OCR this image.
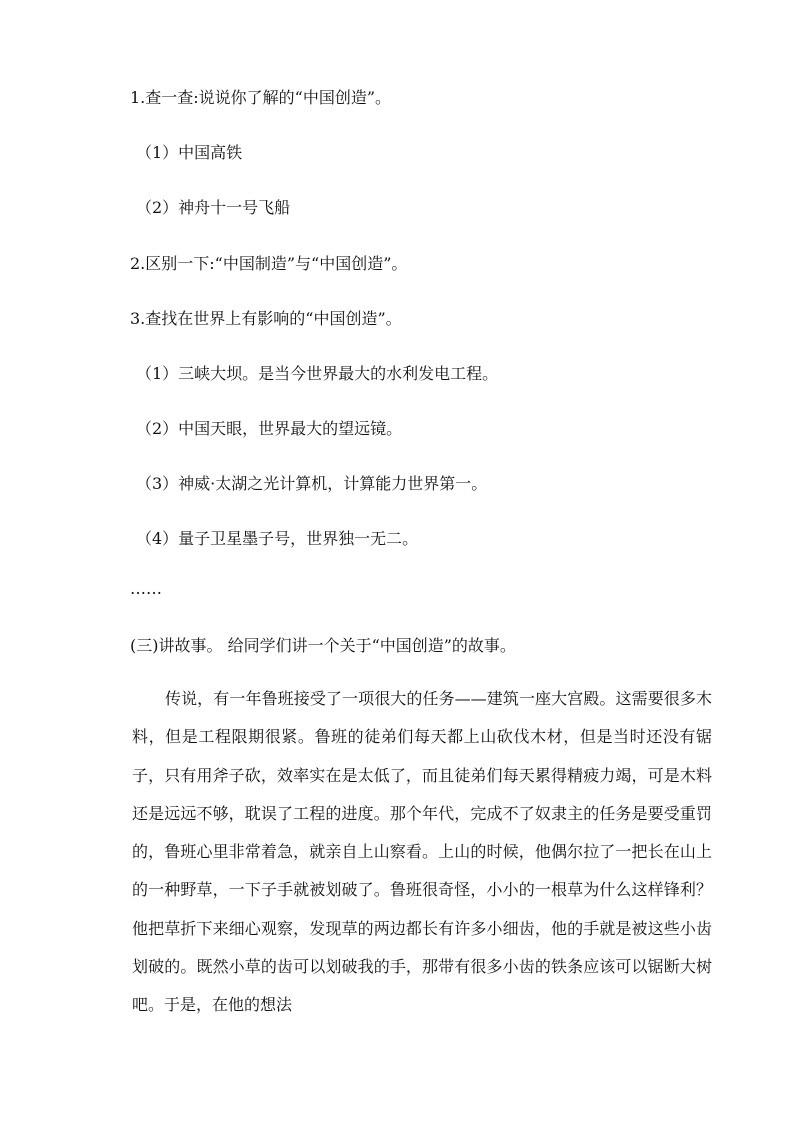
1.查一查:说说你了解的“中国创造”。
（1）中国高铁
（2）神舟十一号飞船
2.区别一下:“中国制造”与“中国创造”。
3.查找在世界上有影响的“中国创造”。
（1）三峡大坝。是当今世界最大的水利发电工程。
（2）中国天眼，世界最大的望远镜。
（3）神威·太湖之光计算机，计算能力世界第一。
（4）量子卫星墨子号，世界独一无二。
……
(三)讲故事。 给同学们讲一个关于“中国创造”的故事。

传说，有一年鲁班接受了一项很大的任务——建筑一座大宫殿。这需要很多木料，但是工程限期很紧。鲁班的徒弟们每天都上山砍伐木材，但是当时还没有锯子，只有用斧子砍，效率实在是太低了，而且徒弟们每天累得精疲力竭，可是木料还是远远不够，耽误了工程的进度。那个年代，完成不了奴隶主的任务是要受重罚的，鲁班心里非常着急，就亲自上山察看。上山的时候，他偶尔拉了一把长在山上的一种野草，一下子手就被划破了。鲁班很奇怪，小小的一根草为什么这样锋利？他把草折下来细心观察，发现草的两边都长有许多小细齿，他的手就是被这些小齿划破的。既然小草的齿可以划破我的手，那带有很多小齿的铁条应该可以锯断大树吧。于是，在他的想法
